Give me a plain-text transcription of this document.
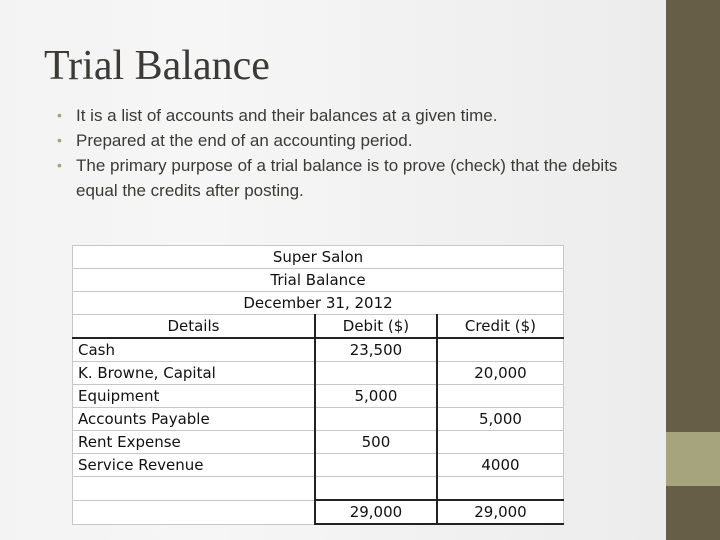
Trial Balance
• It is a list of accounts and their balances at a given time.
• Prepared at the end of an accounting period.
• The primary purpose of a trial balance is to prove (check) that the debits equal the credits after posting.
Super Salon		
Trial Balance		
December 31, 2012		
Details	Debit ($)	Credit ($)
Cash	23,500	
K. Browne, Capital		20,000
Equipment	5,000	
Accounts Payable		5,000
Rent Expense	500	
Service Revenue		4000

	29,000	29,000
